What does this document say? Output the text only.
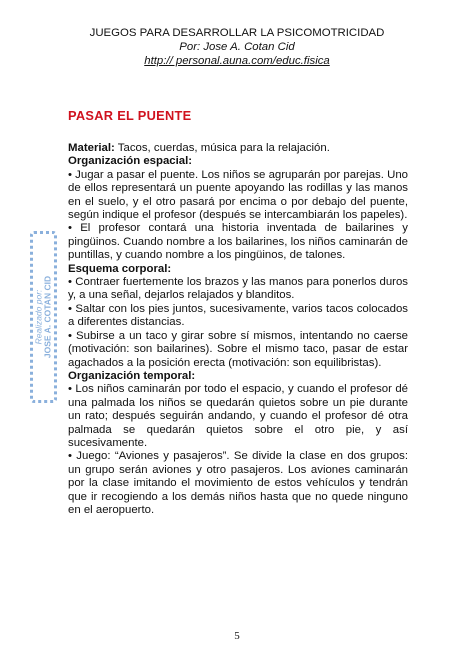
JUEGOS PARA DESARROLLAR LA PSICOMOTRICIDAD
Por: Jose A. Cotan Cid
http:// personal.auna.com/educ.fisica
PASAR EL PUENTE

Material: Tacos, cuerdas, música para la relajación.

Organización espacial:

• Jugar a pasar el puente. Los niños se agruparán por parejas. Uno de ellos representará un puente apoyando las rodillas y las manos en el suelo, y el otro pasará por encima o por debajo del puente, según indique el profesor (después se intercambiarán los papeles).

• El profesor contará una historia inventada de bailarines y pingüinos. Cuando nombre a los bailarines, los niños caminarán de puntillas, y cuando nombre a los pingüinos, de talones.

Esquema corporal:

• Contraer fuertemente los brazos y las manos para ponerlos duros y, a una señal, dejarlos relajados y blanditos.

• Saltar con los pies juntos, sucesivamente, varios tacos colocados a diferentes distancias.

• Subirse a un taco y girar sobre sí mismos, intentando no caerse (motivación: son bailarines). Sobre el mismo taco, pasar de estar agachados a la posición erecta (motivación: son equilibristas).

Organización temporal:

• Los niños caminarán por todo el espacio, y cuando el profesor dé una palmada los niños se quedarán quietos sobre un pie durante un rato; después seguirán andando, y cuando el profesor dé otra palmada se quedarán quietos sobre el otro pie, y así sucesivamente.

• Juego: “Aviones y pasajeros”. Se divide la clase en dos grupos: un grupo serán aviones y otro pasajeros. Los aviones caminarán por la clase imitando el movimiento de estos vehículos y tendrán que ir recogiendo a los demás niños hasta que no quede ninguno en el aeropuerto.

Realizado por: JOSE A. COTAN CID
5
